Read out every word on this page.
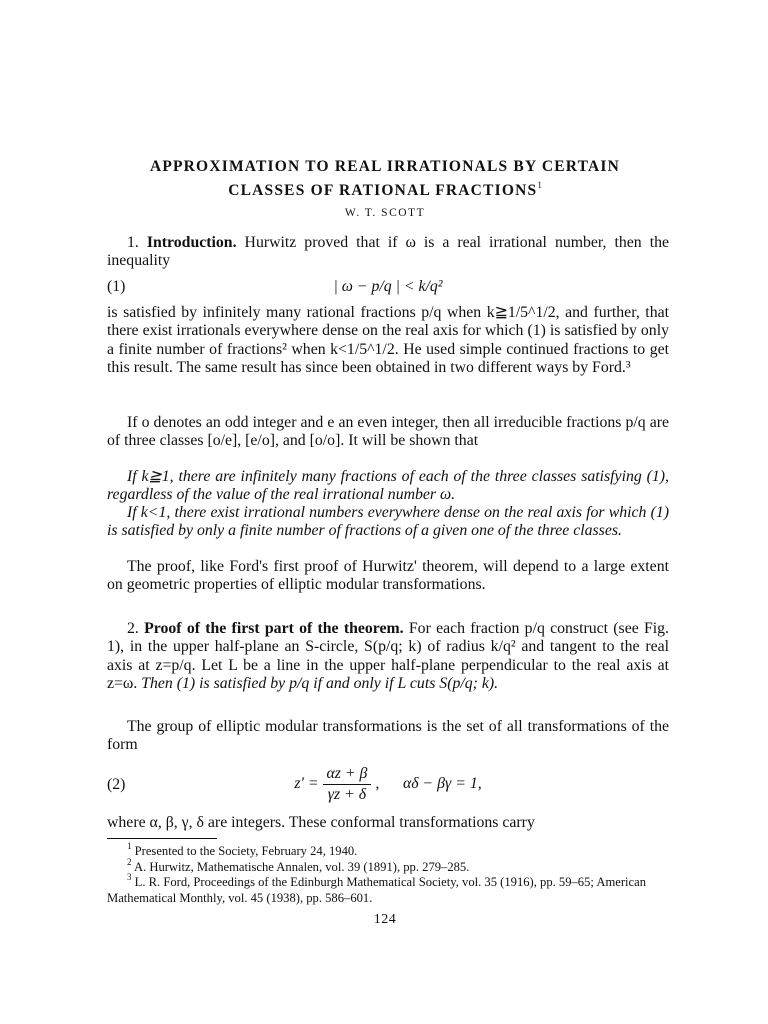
APPROXIMATION TO REAL IRRATIONALS BY CERTAIN
CLASSES OF RATIONAL FRACTIONS$^1$
W. T. SCOTT
1. Introduction. Hurwitz proved that if ω is a real irrational number, then the inequality
(1)	| ω − p/q | < k/q²
is satisfied by infinitely many rational fractions p/q when k≧1/5^1/2, and further, that there exist irrationals everywhere dense on the real axis for which (1) is satisfied by only a finite number of fractions² when k<1/5^1/2. He used simple continued fractions to get this result. The same result has since been obtained in two different ways by Ford.³
If o denotes an odd integer and e an even integer, then all irreducible fractions p/q are of three classes [o/e], [e/o], and [o/o]. It will be shown that
If k≧1, there are infinitely many fractions of each of the three classes satisfying (1), regardless of the value of the real irrational number ω.
If k<1, there exist irrational numbers everywhere dense on the real axis for which (1) is satisfied by only a finite number of fractions of a given one of the three classes.
The proof, like Ford's first proof of Hurwitz' theorem, will depend to a large extent on geometric properties of elliptic modular transformations.
2. Proof of the first part of the theorem. For each fraction p/q construct (see Fig. 1), in the upper half-plane an S-circle, S(p/q; k) of radius k/q² and tangent to the real axis at z=p/q. Let L be a line in the upper half-plane perpendicular to the real axis at z=ω. Then (1) is satisfied by p/q if and only if L cuts S(p/q; k).
The group of elliptic modular transformations is the set of all transformations of the form
(2)	$z' = \frac{\alpha z + \beta}{\gamma z + \delta}$ ,      αδ − βγ = 1,
where α, β, γ, δ are integers. These conformal transformations carry
$^1$ Presented to the Society, February 24, 1940.
$^2$ A. Hurwitz, Mathematische Annalen, vol. 39 (1891), pp. 279–285.
$^3$ L. R. Ford, Proceedings of the Edinburgh Mathematical Society, vol. 35 (1916), pp. 59–65; American Mathematical Monthly, vol. 45 (1938), pp. 586–601.
124
